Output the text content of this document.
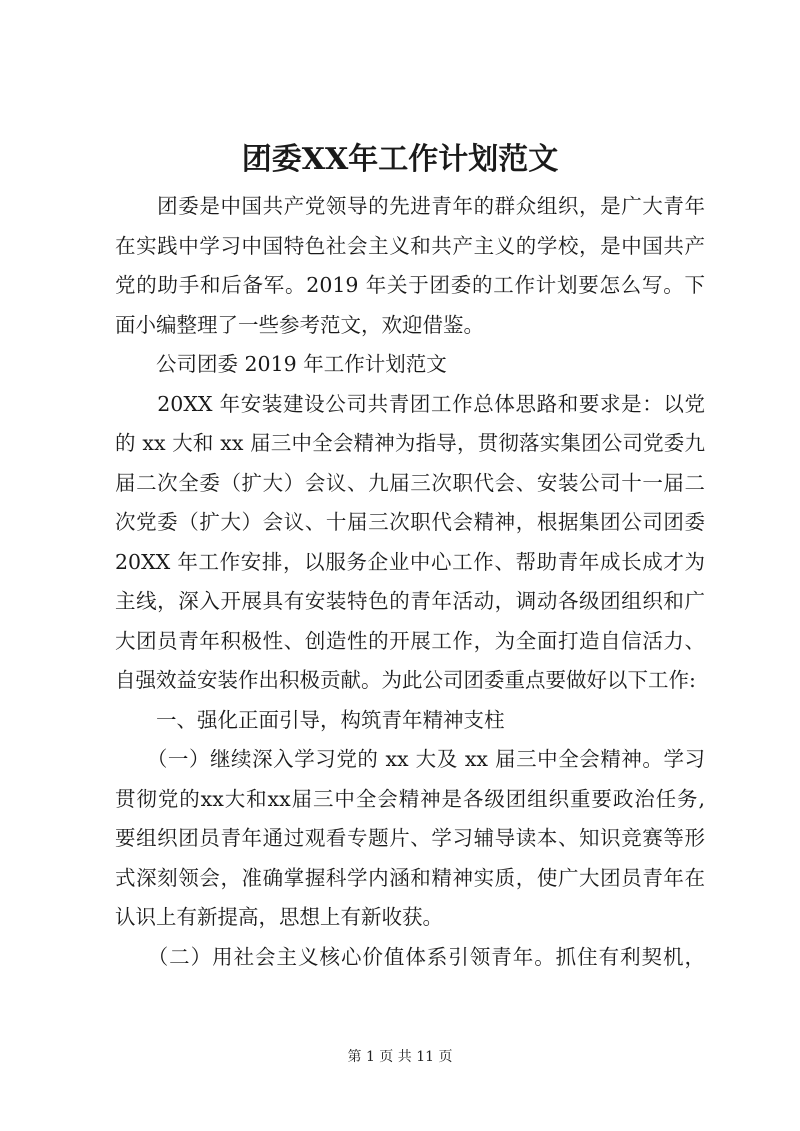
团委XX年工作计划范文
　　团委是中国共产党领导的先进青年的群众组织，是广大青年
在实践中学习中国特色社会主义和共产主义的学校，是中国共产
党的助手和后备军。2019 年关于团委的工作计划要怎么写。下
面小编整理了一些参考范文，欢迎借鉴。
　　公司团委 2019 年工作计划范文
　　20XX 年安装建设公司共青团工作总体思路和要求是：以党
的 xx 大和 xx 届三中全会精神为指导，贯彻落实集团公司党委九
届二次全委（扩大）会议、九届三次职代会、安装公司十一届二
次党委（扩大）会议、十届三次职代会精神，根据集团公司团委
20XX 年工作安排，以服务企业中心工作、帮助青年成长成才为
主线，深入开展具有安装特色的青年活动，调动各级团组织和广
大团员青年积极性、创造性的开展工作，为全面打造自信活力、
自强效益安装作出积极贡献。为此公司团委重点要做好以下工作:
　　一、强化正面引导，构筑青年精神支柱
　　（一）继续深入学习党的 xx 大及 xx 届三中全会精神。学习
贯彻党的xx大和xx届三中全会精神是各级团组织重要政治任务,
要组织团员青年通过观看专题片、学习辅导读本、知识竞赛等形
式深刻领会，准确掌握科学内涵和精神实质，使广大团员青年在
认识上有新提高，思想上有新收获。
　　（二）用社会主义核心价值体系引领青年。抓住有利契机，
第 1 页 共 11 页
